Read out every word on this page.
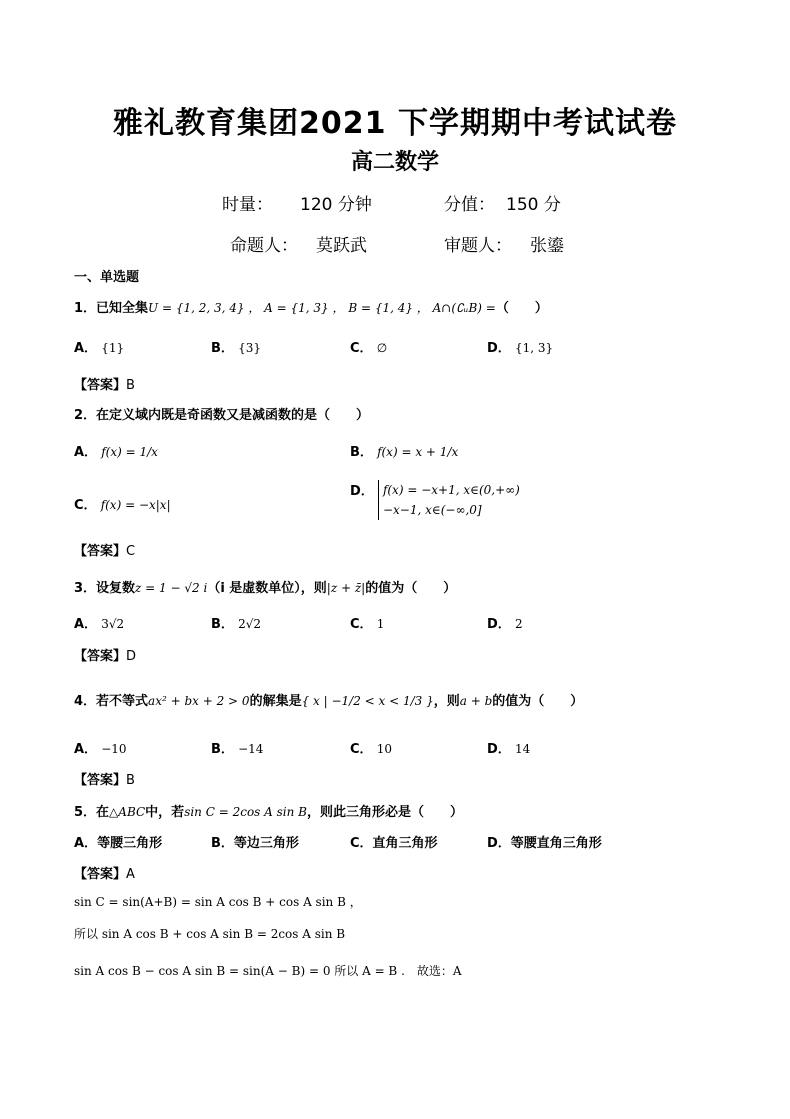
雅礼教育集团2021 下学期期中考试试卷
高二数学
时量： 120 分钟	分值： 150 分
命题人： 莫跃武	审题人： 张鎏
一、单选题
1．已知全集U = {1, 2, 3, 4} ， A = {1, 3} ， B = {1, 4} ， A∩(∁ᵤB) =（　　）
A． {1}	B． {3}	C． ∅	D． {1, 3}
【答案】B
2．在定义域内既是奇函数又是减函数的是（　　）
A． f(x) = 1/x	B． f(x) = x + 1/x
C． f(x) = −x|x|
D． f(x) = −x+1, x∈(0,+∞)
−x−1, x∈(−∞,0]
【答案】C
3．设复数z = 1 − √2 i（i 是虚数单位），则|z + z̄|的值为（　　）
A． 3√2	B． 2√2	C． 1	D． 2
【答案】D
4．若不等式ax² + bx + 2 > 0的解集是{ x | −1/2 < x < 1/3 }，则a + b的值为（　　）
A． −10	B． −14	C． 10	D． 14
【答案】B
5．在△ABC中，若sin C = 2cos A sin B，则此三角形必是（　　）
A．等腰三角形	B．等边三角形	C．直角三角形	D．等腰直角三角形
【答案】A
sin C = sin(A+B) = sin A cos B + cos A sin B ，
所以 sin A cos B + cos A sin B = 2cos A sin B
sin A cos B − cos A sin B = sin(A − B) = 0 所以 A = B .　故选：A
